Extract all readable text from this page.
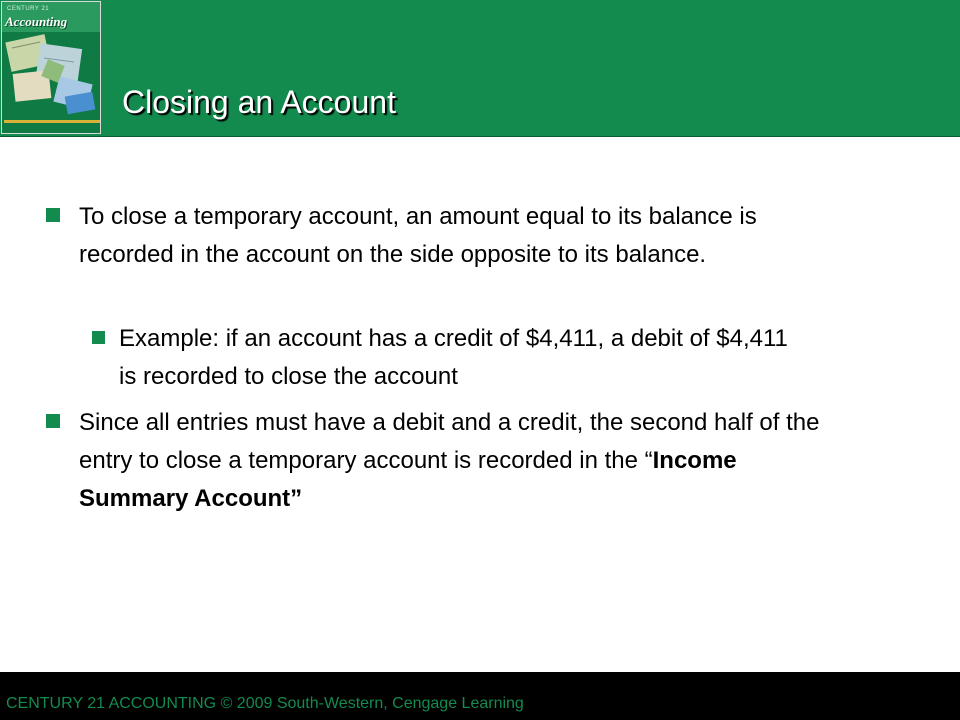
CENTURY 21
Accounting
Closing an Account
To close a temporary account, an amount equal to its balance is recorded in the account on the side opposite to its balance.
Example: if an account has a credit of $4,411, a debit of $4,411 is recorded to close the account
Since all entries must have a debit and a credit, the second half of the entry to close a temporary account is recorded in the “Income Summary Account”
CENTURY 21 ACCOUNTING © 2009 South-Western, Cengage Learning
